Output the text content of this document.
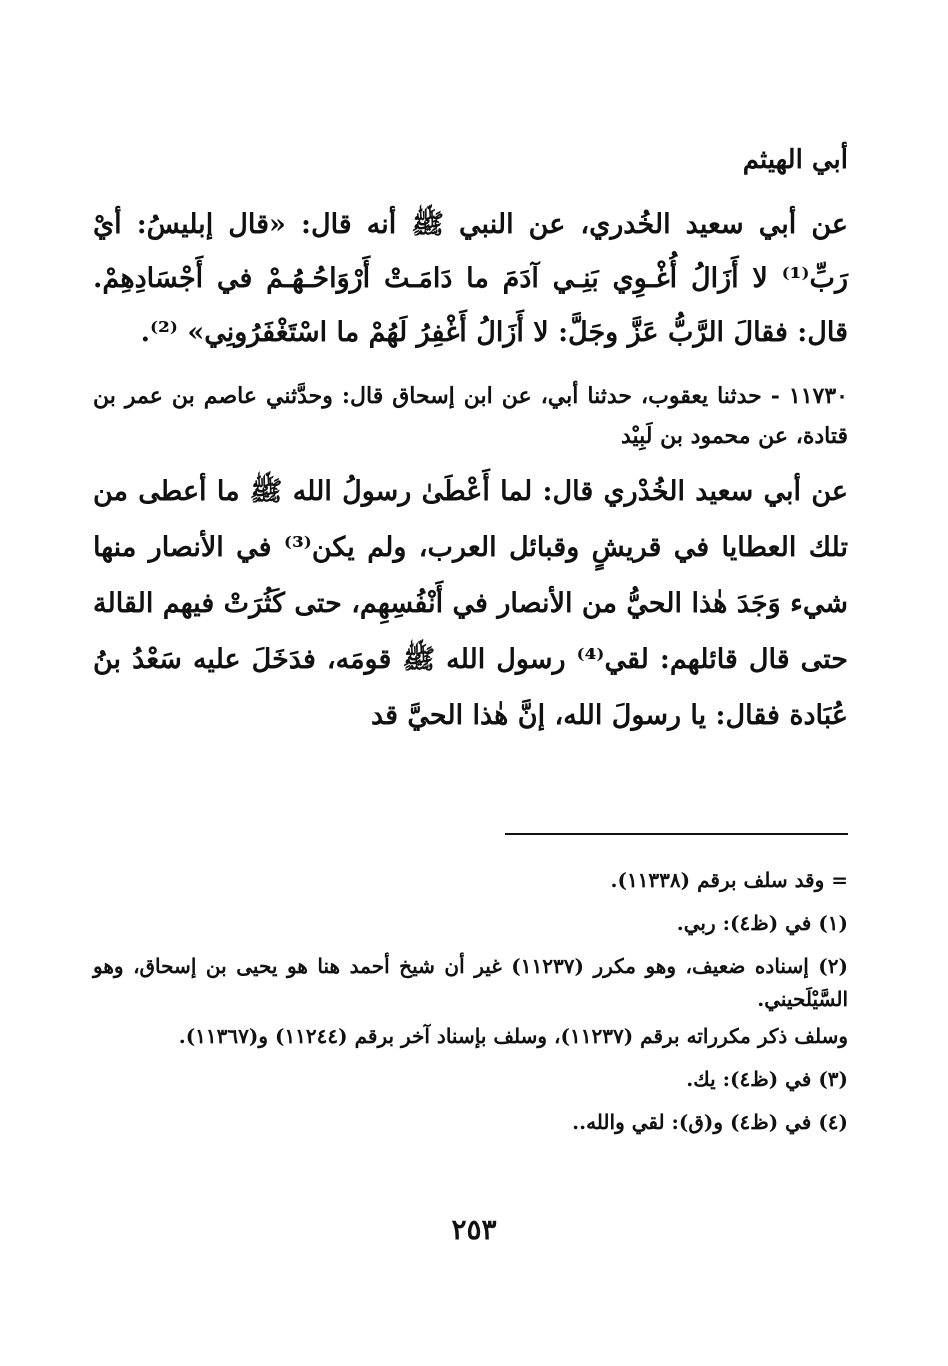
أبي الهيثم

عن أبي سعيد الخُدري، عن النبي ﷺ أنه قال: «قال إبليسُ: أيْ رَبِّ⁽¹⁾ لا أَزَالُ أُغْـوِي بَنِـي آدَمَ ما دَامَـتْ أَرْوَاحُـهُـمْ في أَجْسَادِهِمْ. قال: فقالَ الرَّبُّ عَزَّ وجَلَّ: لا أَزَالُ أَغْفِرُ لَهُمْ ما اسْتَغْفَرُونِي» ⁽²⁾.

١١٧٣٠ - حدثنا يعقوب، حدثنا أبي، عن ابن إسحاق قال: وحدَّثني عاصم بن عمر بن قتادة، عن محمود بن لَبِيْد

عن أبي سعيد الخُدْري قال: لما أَعْطَىٰ رسولُ الله ﷺ ما أعطى من تلك العطايا في قريشٍ وقبائل العرب، ولم يكن⁽³⁾ في الأنصار منها شيء وَجَدَ هٰذا الحيُّ من الأنصار في أَنْفُسِهِم، حتى كَثُرَتْ فيهم القالة حتى قال قائلهم: لقي⁽⁴⁾ رسول الله ﷺ قومَه، فدَخَلَ عليه سَعْدُ بنُ عُبَادة فقال: يا رسولَ الله، إنَّ هٰذا الحيَّ قد

= وقد سلف برقم (١١٣٣٨).

(١) في (ظ٤): ربي.

(٢) إسناده ضعيف، وهو مكرر (١١٢٣٧) غير أن شيخ أحمد هنا هو يحيى بن إسحاق، وهو السَّيْلَحيني.

وسلف ذكر مكرراته برقم (١١٢٣٧)، وسلف بإسناد آخر برقم (١١٢٤٤) و(١١٣٦٧).

(٣) في (ظ٤): يك.

(٤) في (ظ٤) و(ق): لقي والله..

٢٥٣
